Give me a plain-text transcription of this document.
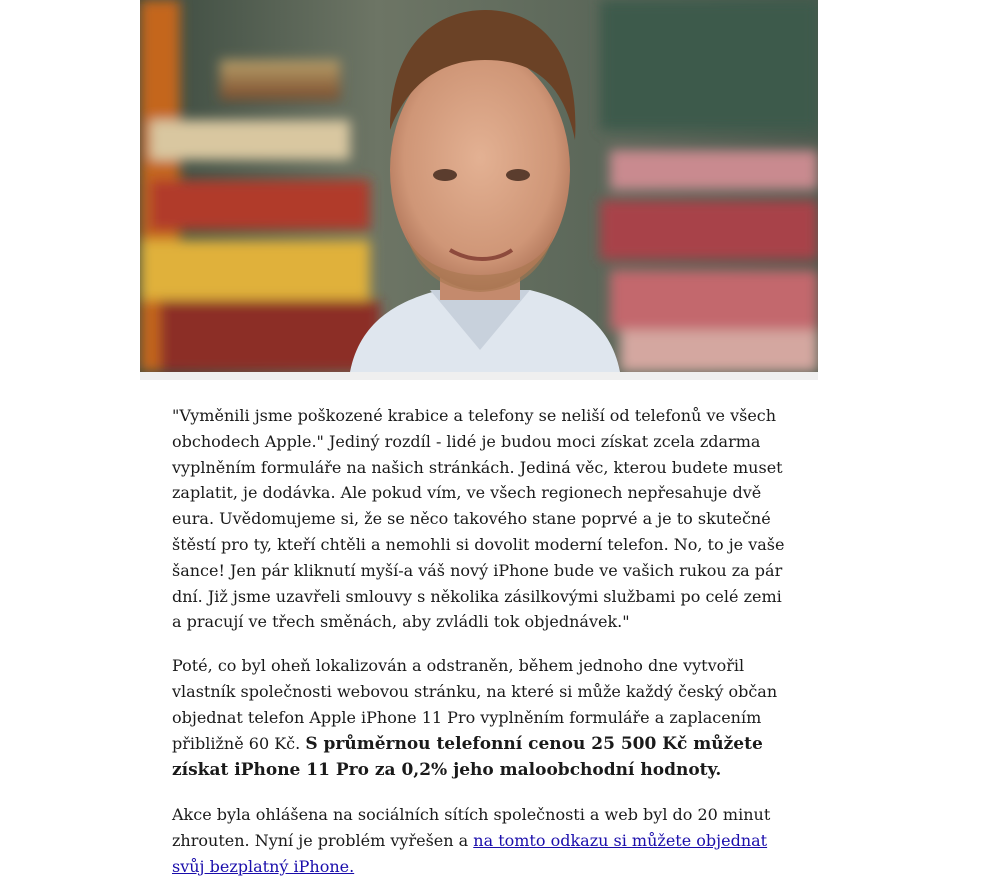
"Vyměnili jsme poškozené krabice a telefony se neliší od telefonů ve všech obchodech Apple." Jediný rozdíl - lidé je budou moci získat zcela zdarma vyplněním formuláře na našich stránkách. Jediná věc, kterou budete muset zaplatit, je dodávka. Ale pokud vím, ve všech regionech nepřesahuje dvě eura. Uvědomujeme si, že se něco takového stane poprvé a je to skutečné štěstí pro ty, kteří chtěli a nemohli si dovolit moderní telefon. No, to je vaše šance! Jen pár kliknutí myší-a váš nový iPhone bude ve vašich rukou za pár dní. Již jsme uzavřeli smlouvy s několika zásilkovými službami po celé zemi a pracují ve třech směnách, aby zvládli tok objednávek."

Poté, co byl oheň lokalizován a odstraněn, během jednoho dne vytvořil vlastník společnosti webovou stránku, na které si může každý český občan objednat telefon Apple iPhone 11 Pro vyplněním formuláře a zaplacením přibližně 60 Kč. S průměrnou telefonní cenou 25 500 Kč můžete získat iPhone 11 Pro za 0,2% jeho maloobchodní hodnoty.

Akce byla ohlášena na sociálních sítích společnosti a web byl do 20 minut zhrouten. Nyní je problém vyřešen a na tomto odkazu si můžete objednat svůj bezplatný iPhone.
